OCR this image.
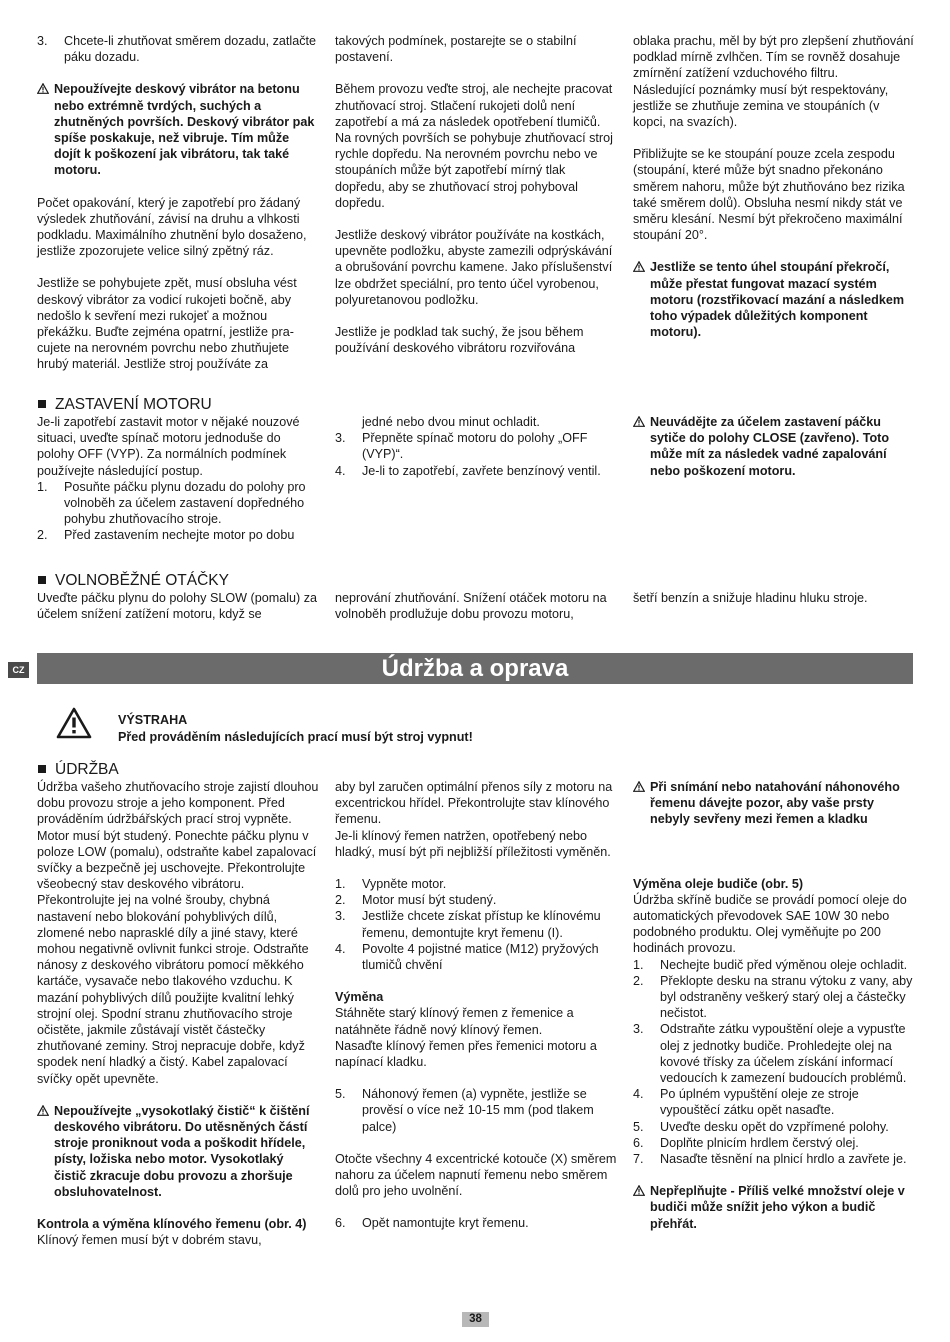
3. Chcete-li zhutňovat směrem dozadu, zatlačte páku dozadu.
Nepoužívejte deskový vibrátor na betonu nebo extrémně tvrdých, suchých a zhutněných površích. Deskový vibrátor pak spíše poskakuje, než vibruje. Tím může dojít k poškození jak vibrátoru, tak také motoru.

Počet opakování, který je zapotřebí pro žádaný výsledek zhutňování, závisí na druhu a vlhkosti podkladu. Maximálního zhutnění bylo dosaženo, jestliže zpozorujete velice silný zpětný ráz.

Jestliže se pohybujete zpět, musí obsluha vést deskový vibrátor za vodicí rukojeti bočně, aby nedošlo k sevření mezi rukojeť a možnou překážku. Buďte zejména opatrní, jestliže pracujete na nerovném povrchu nebo zhutňujete hrubý materiál. Jestliže stroj používáte za

takových podmínek, postarejte se o stabilní postavení.

Během provozu veďte stroj, ale nechejte pracovat zhutňovací stroj. Stlačení rukojeti dolů není zapotřebí a má za následek opotřebení tlumičů.

Na rovných površích se pohybuje zhutňovací stroj rychle dopředu. Na nerovném povrchu nebo ve stoupáních může být zapotřebí mírný tlak dopředu, aby se zhutňovací stroj pohyboval dopředu.

Jestliže deskový vibrátor používáte na kostkách, upevněte podložku, abyste zamezili odprýskávání a obrušování povrchu kamene. Jako příslušenství lze obdržet speciální, pro tento účel vyrobenou, polyuretanovou podložku.

Jestliže je podklad tak suchý, že jsou během používání deskového vibrátoru rozviřována

oblaka prachu, měl by být pro zlepšení zhutňování podklad mírně zvlhčen. Tím se rovněž dosahuje zmírnění zatížení vzduchového filtru.

Následující poznámky musí být respektovány, jestliže se zhutňuje zemina ve stoupáních (v kopci, na svazích).

Přibližujte se ke stoupání pouze zcela zespodu (stoupání, které může být snadno překonáno směrem nahoru, může být zhutňováno bez rizika také směrem dolů). Obsluha nesmí nikdy stát ve směru klesání. Nesmí být překročeno maximální stoupání 20°.

Jestliže se tento úhel stoupání překročí, může přestat fungovat mazací systém motoru (rozstřikovací mazání a následkem toho výpadek důležitých komponent motoru).
ZASTAVENÍ MOTORU

Je-li zapotřebí zastavit motor v nějaké nouzové situaci, uveďte spínač motoru jednoduše do polohy OFF (VYP). Za normálních podmínek používejte následující postup.

1. Posuňte páčku plynu dozadu do polohy pro volnoběh za účelem zastavení dopředného pohybu zhutňovacího stroje.
2. Před zastavením nechejte motor po dobu

jedné nebo dvou minut ochladit.

3. Přepněte spínač motoru do polohy „OFF (VYP)“.
4. Je-li to zapotřebí, zavřete benzínový ventil.
Neuvádějte za účelem zastavení páčku sytiče do polohy CLOSE (zavřeno). Toto může mít za následek vadné zapalování nebo poškození motoru.
VOLNOBĚŽNÉ OTÁČKY

Uveďte páčku plynu do polohy SLOW (pomalu) za účelem snížení zatížení motoru, když se

neprování zhutňování. Snížení otáček motoru na volnoběh prodlužuje dobu provozu motoru,

šetří benzín a snižuje hladinu hluku stroje.

CZ	Údržba a oprava
VÝSTRAHA
Před prováděním následujících prací musí být stroj vypnut!
ÚDRŽBA

Údržba vašeho zhutňovacího stroje zajistí dlouhou dobu provozu stroje a jeho komponent. Před prováděním údržbářských prací stroj vypněte. Motor musí být studený. Ponechte páčku plynu v poloze LOW (pomalu), odstraňte kabel zapalovací svíčky a bezpečně jej uschovejte. Překontrolujte všeobecný stav deskového vibrátoru. Překontrolujte jej na volné šrouby, chybná nastavení nebo blokování pohyblivých dílů, zlomené nebo naprasklé díly a jiné stavy, které mohou negativně ovlivnit funkci stroje. Odstraňte nánosy z deskového vibrátoru pomocí měkkého kartáče, vysavače nebo tlakového vzduchu. K mazání pohyblivých dílů použijte kvalitní lehký strojní olej. Spodní stranu zhutňovacího stroje očistěte, jakmile zůstávají vistět částečky zhutňované zeminy. Stroj nepracuje dobře, když spodek není hladký a čistý. Kabel zapalovací svíčky opět upevněte.

Nepoužívejte „vysokotlaký čistič“ k čištění deskového vibrátoru. Do utěsněných částí stroje proniknout voda a poškodit hřídele, písty, ložiska nebo motor. Vysokotlaký čistič zkracuje dobu provozu a zhoršuje obsluhovatelnost.

Kontrola a výměna klínového řemenu (obr. 4)

Klínový řemen musí být v dobrém stavu,

aby byl zaručen optimální přenos síly z motoru na excentrickou hřídel. Překontrolujte stav klínového řemenu.

Je-li klínový řemen natržen, opotřebený nebo hladký, musí být při nejbližší příležitosti vyměněn.

1. Vypněte motor.
2. Motor musí být studený.
3. Jestliže chcete získat přístup ke klínovému řemenu, demontujte kryt řemenu (I).
4. Povolte 4 pojistné matice (M12) pryžových tlumičů chvění

Výměna

Stáhněte starý klínový řemen z řemenice a natáhněte řádně nový klínový řemen.

Nasaďte klínový řemen přes řemenici motoru a napínací kladku.

5. Náhonový řemen (a) vypněte, jestliže se prověsí o více než 10-15 mm (pod tlakem palce)

Otočte všechny 4 excentrické kotouče (X) směrem nahoru za účelem napnutí řemenu nebo směrem dolů pro jeho uvolnění.

6. Opět namontujte kryt řemenu.
Při snímání nebo natahování náhonového řemenu dávejte pozor, aby vaše prsty nebyly sevřeny mezi řemen a kladku

Výměna oleje budiče (obr. 5)

Údržba skříně budiče se provádí pomocí oleje do automatických převodovek SAE 10W 30 nebo podobného produktu. Olej vyměňujte po 200 hodinách provozu.

1. Nechejte budič před výměnou oleje ochladit.
2. Překlopte desku na stranu výtoku z vany, aby byl odstraněny veškerý starý olej a částečky nečistot.
3. Odstraňte zátku vypouštění oleje a vypusťte olej z jednotky budiče. Prohledejte olej na kovové třísky za účelem získání informací vedoucích k zamezení budoucích problémů.
4. Po úplném vypuštění oleje ze stroje vypouštěcí zátku opět nasaďte.
5. Uveďte desku opět do vzpřímené polohy.
6. Doplňte plnicím hrdlem čerstvý olej.
7. Nasaďte těsnění na plnicí hrdlo a zavřete je.
Nepřeplňujte - Příliš velké množství oleje v budiči může snížit jeho výkon a budič přehřát.
38
